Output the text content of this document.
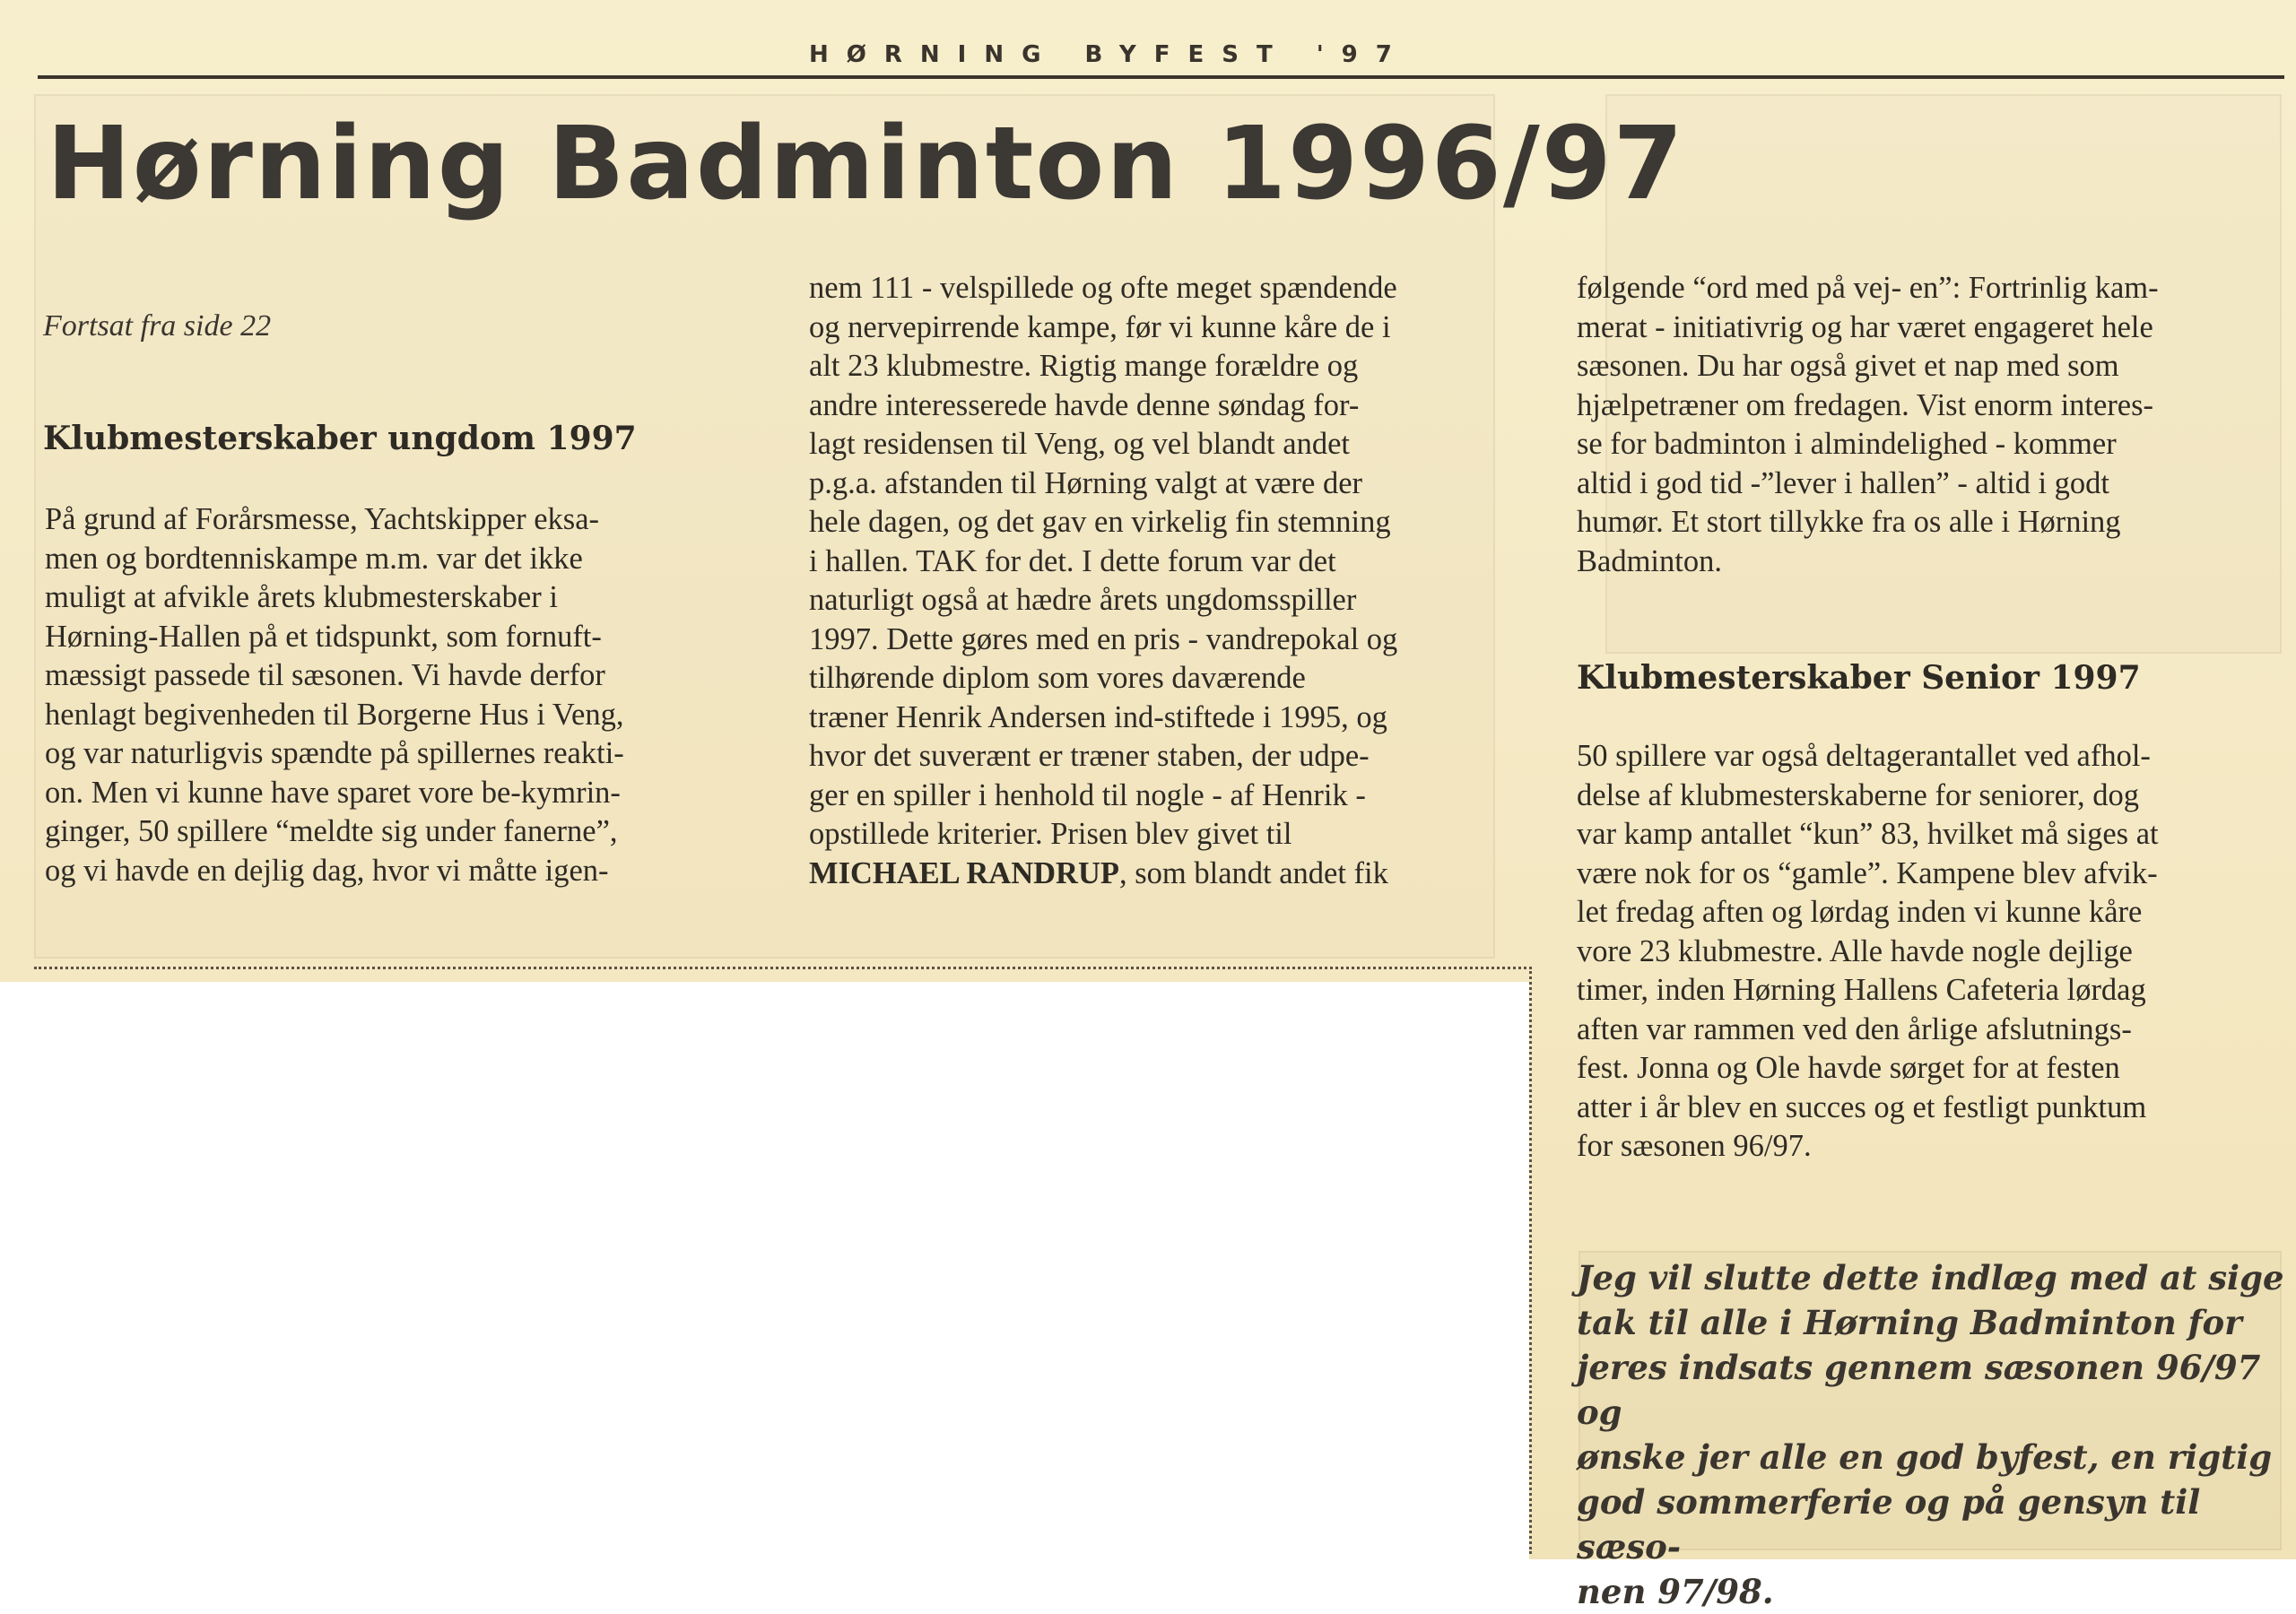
HØRNING BYFEST '97
Hørning Badminton 1996/97
Fortsat fra side 22
Klubmesterskaber ungdom 1997

På grund af Forårsmesse, Yachtskipper eksa-
men og bordtenniskampe m.m. var det ikke
muligt at afvikle årets klubmesterskaber i
Hørning-Hallen på et tidspunkt, som fornuft-
mæssigt passede til sæsonen. Vi havde derfor
henlagt begivenheden til Borgerne Hus i Veng,
og var naturligvis spændte på spillernes reakti-
on. Men vi kunne have sparet vore be-kymrin-
ginger, 50 spillere “meldte sig under fanerne”,
og vi havde en dejlig dag, hvor vi måtte igen-

nem 111 - velspillede og ofte meget spændende
og nervepirrende kampe, før vi kunne kåre de i
alt 23 klubmestre. Rigtig mange forældre og
andre interesserede havde denne søndag for-
lagt residensen til Veng, og vel blandt andet
p.g.a. afstanden til Hørning valgt at være der
hele dagen, og det gav en virkelig fin stemning
i hallen. TAK for det. I dette forum var det
naturligt også at hædre årets ungdomsspiller
1997. Dette gøres med en pris - vandrepokal og
tilhørende diplom som vores daværende
træner Henrik Andersen ind-stiftede i 1995, og
hvor det suverænt er træner staben, der udpe-
ger en spiller i henhold til nogle - af Henrik -
opstillede kriterier. Prisen blev givet til

MICHAEL RANDRUP, som blandt andet fik

følgende “ord med på vej- en”: Fortrinlig kam-
merat - initiativrig og har været engageret hele
sæsonen. Du har også givet et nap med som
hjælpetræner om fredagen. Vist enorm interes-
se for badminton i almindelighed - kommer
altid i god tid -”lever i hallen” - altid i godt
humør. Et stort tillykke fra os alle i Hørning
Badminton.

Klubmesterskaber Senior 1997

50 spillere var også deltagerantallet ved afhol-
delse af klubmesterskaberne for seniorer, dog
var kamp antallet “kun” 83, hvilket må siges at
være nok for os “gamle”. Kampene blev afvik-
let fredag aften og lørdag inden vi kunne kåre
vore 23 klubmestre. Alle havde nogle dejlige
timer, inden Hørning Hallens Cafeteria lørdag
aften var rammen ved den årlige afslutnings-
fest. Jonna og Ole havde sørget for at festen
atter i år blev en succes og et festligt punktum
for sæsonen 96/97.

Jeg vil slutte dette indlæg med at sige
tak til alle i Hørning Badminton for
jeres indsats gennem sæsonen 96/97 og
ønske jer alle en god byfest, en rigtig
god sommerferie og på gensyn til sæso-
nen 97/98.
